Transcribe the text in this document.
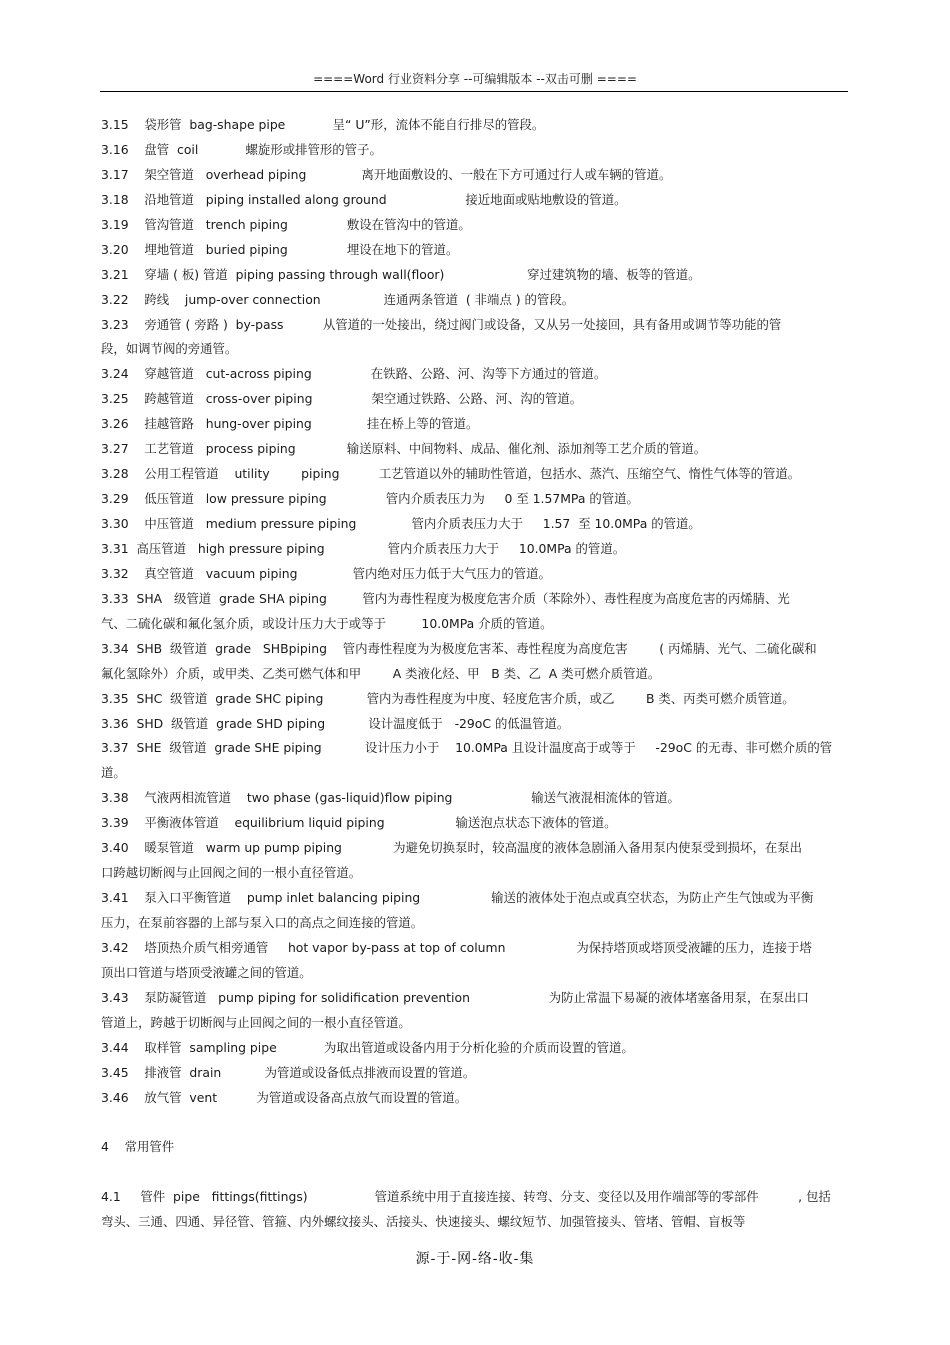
====Word 行业资料分享 --可编辑版本 --双击可删 ====
3.15    袋形管  bag-shape pipe            呈“ U”形，流体不能自行排尽的管段。
3.16    盘管  coil            螺旋形或排管形的管子。
3.17    架空管道   overhead piping              离开地面敷设的、一般在下方可通过行人或车辆的管道。
3.18    沿地管道   piping installed along ground                    接近地面或贴地敷设的管道。
3.19    管沟管道   trench piping               敷设在管沟中的管道。
3.20    埋地管道   buried piping               埋设在地下的管道。
3.21    穿墙 ( 板) 管道  piping passing through wall(floor)                     穿过建筑物的墙、板等的管道。
3.22    跨线    jump-over connection                连通两条管道  ( 非端点 ) 的管段。
3.23    旁通管 ( 旁路 )  by-pass          从管道的一处接出，绕过阀门或设备，又从另一处接回，具有备用或调节等功能的管
段，如调节阀的旁通管。
3.24    穿越管道   cut-across piping               在铁路、公路、河、沟等下方通过的管道。
3.25    跨越管道   cross-over piping               架空通过铁路、公路、河、沟的管道。
3.26    挂越管路   hung-over piping              挂在桥上等的管道。
3.27    工艺管道   process piping             输送原料、中间物料、成品、催化剂、添加剂等工艺介质的管道。
3.28    公用工程管道    utility        piping          工艺管道以外的辅助性管道，包括水、蒸汽、压缩空气、惰性气体等的管道。
3.29    低压管道   low pressure piping               管内介质表压力为     0 至 1.57MPa 的管道。
3.30    中压管道   medium pressure piping              管内介质表压力大于     1.57  至 10.0MPa 的管道。
3.31  高压管道   high pressure piping                管内介质表压力大于     10.0MPa 的管道。
3.32    真空管道   vacuum piping              管内绝对压力低于大气压力的管道。
3.33  SHA   级管道  grade SHA piping         管内为毒性程度为极度危害介质（苯除外）、毒性程度为高度危害的丙烯腈、光
气、二硫化碳和氟化氢介质，或设计压力大于或等于         10.0MPa 介质的管道。
3.34  SHB  级管道  grade   SHBpiping    管内毒性程度为为极度危害苯、毒性程度为高度危害        ( 丙烯腈、光气、二硫化碳和
氟化氢除外）介质，或甲类、乙类可燃气体和甲        A 类液化烃、甲   B 类、乙  A 类可燃介质管道。
3.35  SHC  级管道  grade SHC piping           管内为毒性程度为中度、轻度危害介质，或乙        B 类、丙类可燃介质管道。
3.36  SHD  级管道  grade SHD piping           设计温度低于   -29oC 的低温管道。
3.37  SHE  级管道  grade SHE piping           设计压力小于    10.0MPa 且设计温度高于或等于     -29oC 的无毒、非可燃介质的管
道。
3.38    气液两相流管道    two phase (gas-liquid)flow piping                    输送气液混相流体的管道。
3.39    平衡液体管道    equilibrium liquid piping                  输送泡点状态下液体的管道。
3.40    暖泵管道   warm up pump piping             为避免切换泵时，较高温度的液体急剧涌入备用泵内使泵受到损坏，在泵出
口跨越切断阀与止回阀之间的一根小直径管道。
3.41    泵入口平衡管道    pump inlet balancing piping                  输送的液体处于泡点或真空状态，为防止产生气蚀或为平衡
压力，在泵前容器的上部与泵入口的高点之间连接的管道。
3.42    塔顶热介质气相旁通管     hot vapor by-pass at top of column                  为保持塔顶或塔顶受液罐的压力，连接于塔
顶出口管道与塔顶受液罐之间的管道。
3.43    泵防凝管道   pump piping for solidification prevention                    为防止常温下易凝的液体堵塞备用泵，在泵出口
管道上，跨越于切断阀与止回阀之间的一根小直径管道。
3.44    取样管  sampling pipe            为取出管道或设备内用于分析化验的介质而设置的管道。
3.45    排液管  drain           为管道或设备低点排液而设置的管道。
3.46    放气管  vent          为管道或设备高点放气而设置的管道。
4    常用管件
4.1     管件  pipe   fittings(fittings)                 管道系统中用于直接连接、转弯、分支、变径以及用作端部等的零部件          , 包括
弯头、三通、四通、异径管、管箍、内外螺纹接头、活接头、快速接头、螺纹短节、加强管接头、管堵、管帽、盲板等
源-于-网-络-收-集
